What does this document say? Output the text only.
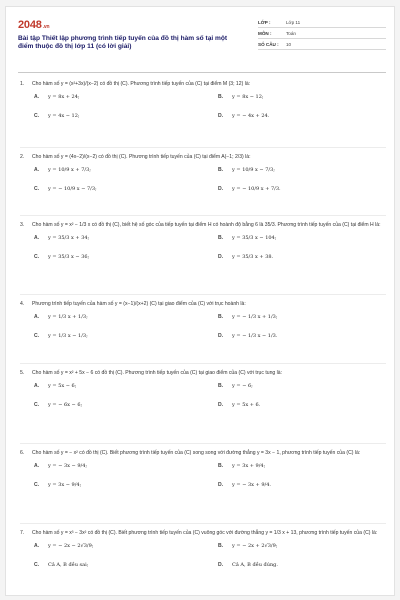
2048.vn
Bài tập Thiết lập phương trình tiếp tuyến của đồ thị hàm số tại một điểm thuộc đồ thị lớp 11 (có lời giải)
LỚP :	Lớp 11
MÔN :	Toán
SỐ CÂU :	10
1.	Cho hàm số y = (x²+3x)/(x−2) có đồ thị (C). Phương trình tiếp tuyến của (C) tại điểm M (3; 12) là:
A.	y = 8x + 24;	B.	y = 8x − 12;
C.	y = 4x − 12;	D.	y = − 4x + 24.
2.	Cho hàm số y = (4x−2)/(x−2) có đồ thị (C). Phương trình tiếp tuyến của (C) tại điểm A(−1; 2/3) là:
A.	y = 10/9 x + 7/3;	B.	y = 10/9 x − 7/3;
C.	y = − 10/9 x − 7/3;	D.	y = − 10/9 x + 7/3.
3.	Cho hàm số y = x² − 1/3 x có đồ thị (C), biết hệ số góc của tiếp tuyến tại điểm H có hoành độ bằng 6 là 35/3. Phương trình tiếp tuyến của (C) tại điểm H là:
A.	y = 35/3 x + 34;	B.	y = 35/3 x − 104;
C.	y = 35/3 x − 36;	D.	y = 35/3 x + 38.
4.	Phương trình tiếp tuyến của hàm số y = (x−1)/(x+2) (C) tại giao điểm của (C) với trục hoành là:
A.	y = 1/3 x + 1/3;	B.	y = − 1/3 x + 1/3;
C.	y = 1/3 x − 1/3;	D.	y = − 1/3 x − 1/3.
5.	Cho hàm số y = x² + 5x − 6 có đồ thị (C). Phương trình tiếp tuyến của (C) tại giao điểm của (C) với trục tung là:
A.	y = 5x − 6;	B.	y = − 6;
C.	y = − 6x − 6;	D.	y = 5x + 6.
6.	Cho hàm số y = − x² có đồ thị (C). Biết phương trình tiếp tuyến của (C) song song với đường thẳng y = 3x − 1, phương trình tiếp tuyến của (C) là:
A.	y = − 3x − 9/4;	B.	y = 3x + 9/4;
C.	y = 3x − 9/4;	D.	y = − 3x + 9/4.
7.	Cho hàm số y = x³ − 3x² có đồ thị (C). Biết phương trình tiếp tuyến của (C) vuông góc với đường thẳng y = 1/3 x + 13, phương trình tiếp tuyến của (C) là:
A.	y = − 2x − 2√3/9;	B.	y = − 2x + 2√3/9;
C.	Cả A, B đều sai;	D.	Cả A, B đều đúng.
